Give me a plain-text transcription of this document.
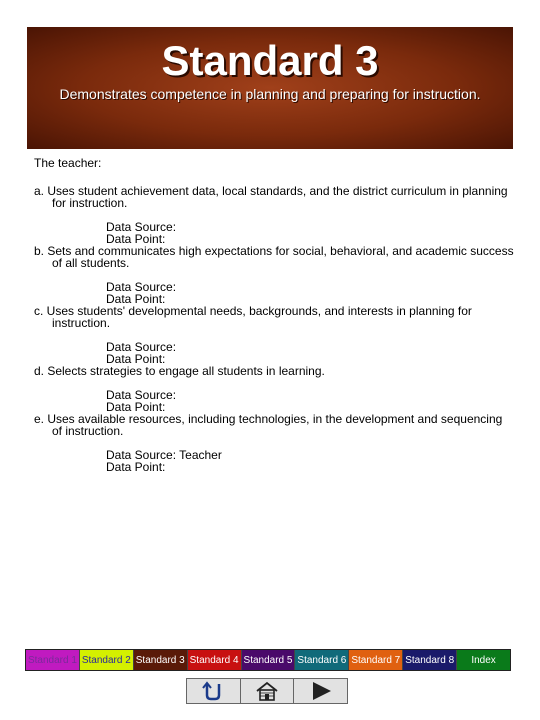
Standard 3
Demonstrates competence in planning and preparing for instruction.

The teacher:

a. Uses student achievement data, local standards, and the district curriculum in planning for instruction.

Data Source:

Data Point:

b. Sets and communicates high expectations for social, behavioral, and academic success of all students.

Data Source:

Data Point:

c. Uses students' developmental needs, backgrounds, and interests in planning for instruction.

Data Source:

Data Point:

d. Selects strategies to engage all students in learning.

Data Source:

Data Point:

e. Uses available resources, including technologies, in the development and sequencing of instruction.

Data Source: Teacher

Data Point:

Standard 1 Standard 2 Standard 3 Standard 4 Standard 5 Standard 6 Standard 7 Standard 8 Index
